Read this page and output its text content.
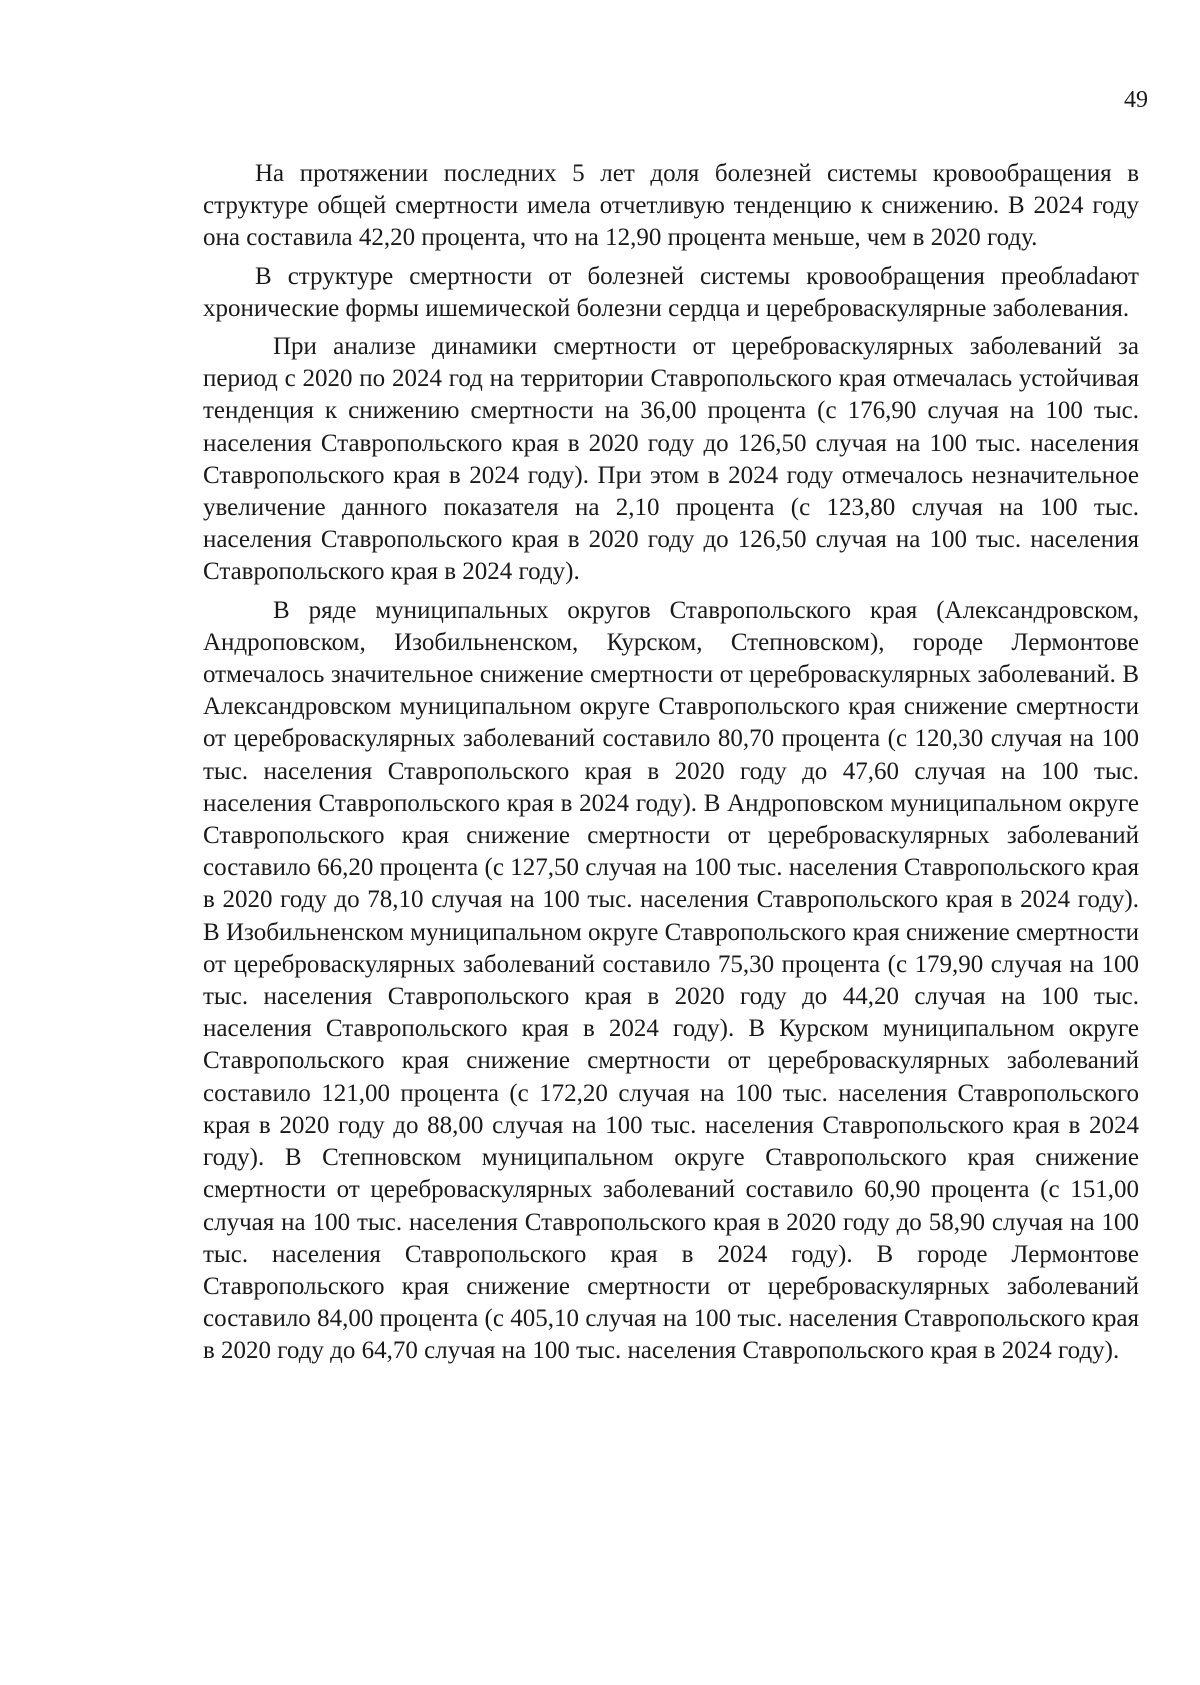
49

На протяжении последних 5 лет доля болезней системы кровообращения в структуре общей смертности имела отчетливую тенденцию к снижению. В 2024 году она составила 42,20 процента, что на 12,90 процента меньше, чем в 2020 году.

В структуре смертности от болезней системы кровообращения преоблаdают хронические формы ишемической болезни сердца и цереброваскулярные заболевания.

При анализе динамики смертности от цереброваскулярных заболеваний за период с 2020 по 2024 год на территории Ставропольского края отмечалась устойчивая тенденция к снижению смертности на 36,00 процента (с 176,90 случая на 100 тыс. населения Ставропольского края в 2020 году до 126,50 случая на 100 тыс. населения Ставропольского края в 2024 году). При этом в 2024 году отмечалось незначительное увеличение данного показателя на 2,10 процента (с 123,80 случая на 100 тыс. населения Ставропольского края в 2020 году до 126,50 случая на 100 тыс. населения Ставропольского края в 2024 году).

В ряде муниципальных округов Ставропольского края (Александровском, Андроповском, Изобильненском, Курском, Степновском), городе Лермонтове отмечалось значительное снижение смертности от цереброваскулярных заболеваний. В Александровском муниципальном округе Ставропольского края снижение смертности от цереброваскулярных заболеваний составило 80,70 процента (с 120,30 случая на 100 тыс. населения Ставропольского края в 2020 году до 47,60 случая на 100 тыс. населения Ставропольского края в 2024 году). В Андроповском муниципальном округе Ставропольского края снижение смертности от цереброваскулярных заболеваний составило 66,20 процента (с 127,50 случая на 100 тыс. населения Ставропольского края в 2020 году до 78,10 случая на 100 тыс. населения Ставропольского края в 2024 году). В Изобильненском муниципальном округе Ставропольского края снижение смертности от цереброваскулярных заболеваний составило 75,30 процента (с 179,90 случая на 100 тыс. населения Ставропольского края в 2020 году до 44,20 случая на 100 тыс. населения Ставропольского края в 2024 году). В Курском муниципальном округе Ставропольского края снижение смертности от цереброваскулярных заболеваний составило 121,00 процента (с 172,20 случая на 100 тыс. населения Ставропольского края в 2020 году до 88,00 случая на 100 тыс. населения Ставропольского края в 2024 году). В Степновском муниципальном округе Ставропольского края снижение смертности от цереброваскулярных заболеваний составило 60,90 процента (с 151,00 случая на 100 тыс. населения Ставропольского края в 2020 году до 58,90 случая на 100 тыс. населения Ставропольского края в 2024 году). В городе Лермонтове Ставропольского края снижение смертности от цереброваскулярных заболеваний составило 84,00 процента (с 405,10 случая на 100 тыс. населения Ставропольского края в 2020 году до 64,70 случая на 100 тыс. населения Ставропольского края в 2024 году).
